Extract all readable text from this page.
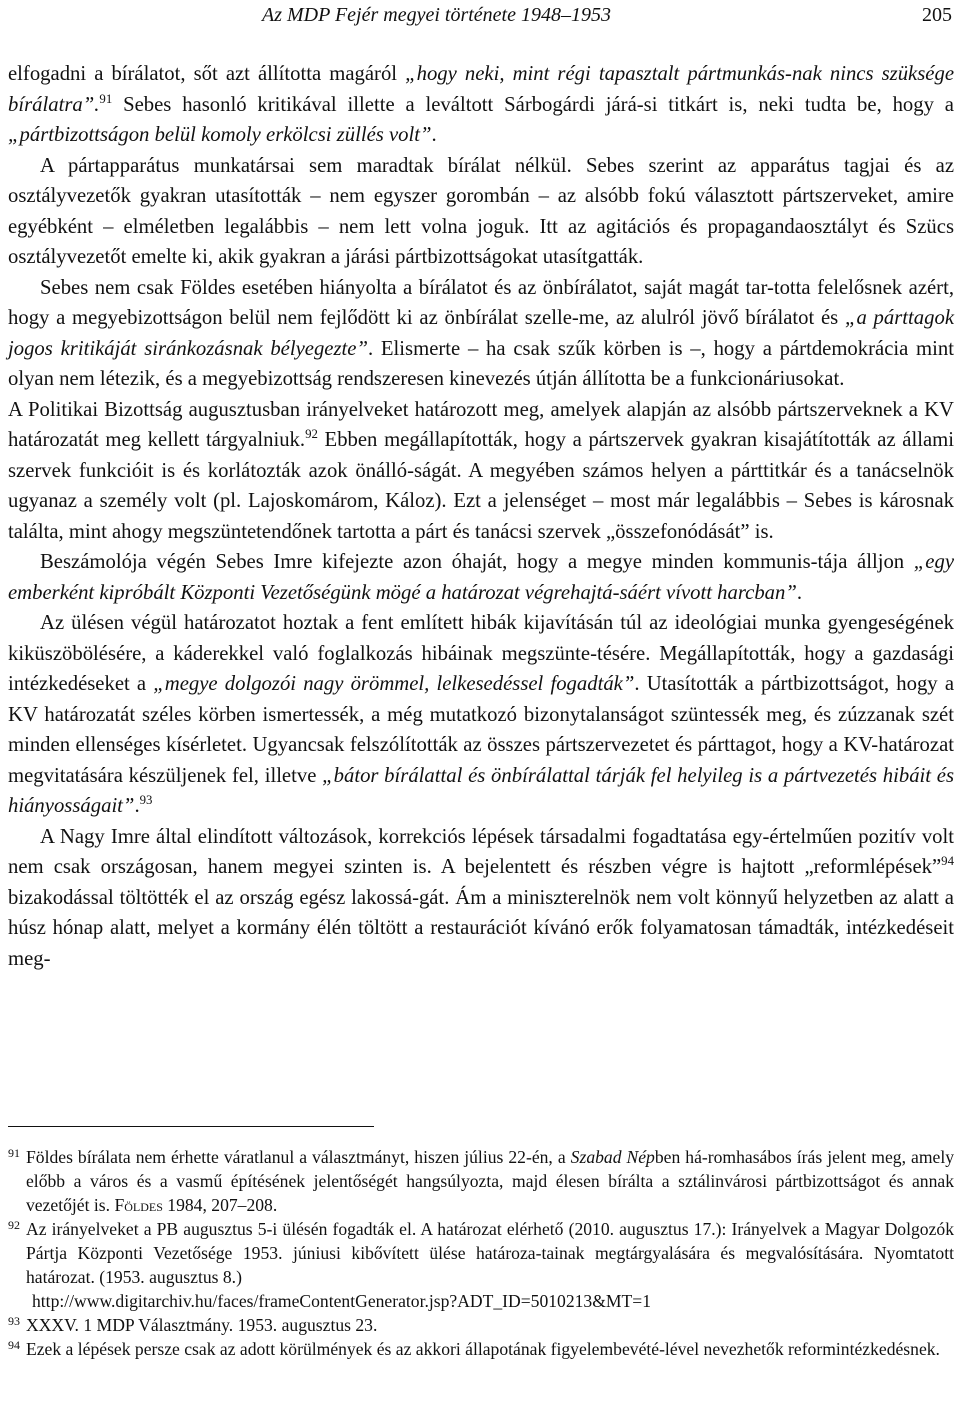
Az MDP Fejér megyei története 1948–1953	205

elfogadni a bírálatot, sőt azt állította magáról „hogy neki, mint régi tapasztalt pártmunkás-nak nincs szüksége bírálatra”.$^{91}$ Sebes hasonló kritikával illette a leváltott Sárbogárdi járá-si titkárt is, neki tudta be, hogy a „pártbizottságon belül komoly erkölcsi züllés volt”.

A pártapparátus munkatársai sem maradtak bírálat nélkül. Sebes szerint az apparátus tagjai és az osztályvezetők gyakran utasították – nem egyszer gorombán – az alsóbb fokú választott pártszerveket, amire egyébként – elméletben legalábbis – nem lett volna joguk. Itt az agitációs és propagandaosztályt és Szücs osztályvezetőt emelte ki, akik gyakran a járási pártbizottságokat utasítgatták.

Sebes nem csak Földes esetében hiányolta a bírálatot és az önbírálatot, saját magát tar-totta felelősnek azért, hogy a megyebizottságon belül nem fejlődött ki az önbírálat szelle-me, az alulról jövő bírálatot és „a párttagok jogos kritikáját siránkozásnak bélyegezte”. Elismerte – ha csak szűk körben is –, hogy a pártdemokrácia mint olyan nem létezik, és a megyebizottság rendszeresen kinevezés útján állította be a funkcionáriusokat.

A Politikai Bizottság augusztusban irányelveket határozott meg, amelyek alapján az alsóbb pártszerveknek a KV határozatát meg kellett tárgyalniuk.$^{92}$ Ebben megállapították, hogy a pártszervek gyakran kisajátították az állami szervek funkcióit is és korlátozták azok önálló-ságát. A megyében számos helyen a párttitkár és a tanácselnök ugyanaz a személy volt (pl. Lajoskomárom, Káloz). Ezt a jelenséget – most már legalábbis – Sebes is károsnak találta, mint ahogy megszüntetendőnek tartotta a párt és tanácsi szervek „összefonódását” is.

Beszámolója végén Sebes Imre kifejezte azon óhaját, hogy a megye minden kommunis-tája álljon „egy emberként kipróbált Központi Vezetőségünk mögé a határozat végrehajtá-sáért vívott harcban”.

Az ülésen végül határozatot hoztak a fent említett hibák kijavításán túl az ideológiai munka gyengeségének kiküszöbölésére, a káderekkel való foglalkozás hibáinak megszünte-tésére. Megállapították, hogy a gazdasági intézkedéseket a „megye dolgozói nagy örömmel, lelkesedéssel fogadták”. Utasították a pártbizottságot, hogy a KV határozatát széles körben ismertessék, a még mutatkozó bizonytalanságot szüntessék meg, és zúzzanak szét minden ellenséges kísérletet. Ugyancsak felszólították az összes pártszervezetet és párttagot, hogy a KV-határozat megvitatására készüljenek fel, illetve „bátor bírálattal és önbírálattal tárják fel helyileg is a pártvezetés hibáit és hiányosságait”.$^{93}$

A Nagy Imre által elindított változások, korrekciós lépések társadalmi fogadtatása egy-értelműen pozitív volt nem csak országosan, hanem megyei szinten is. A bejelentett és részben végre is hajtott „reformlépések”$^{94}$ bizakodással töltötték el az ország egész lakossá-gát. Ám a miniszterelnök nem volt könnyű helyzetben az alatt a húsz hónap alatt, melyet a kormány élén töltött a restaurációt kívánó erők folyamatosan támadták, intézkedéseit meg-

91 Földes bírálata nem érhette váratlanul a választmányt, hiszen július 22-én, a Szabad Népben há-romhasábos írás jelent meg, amely előbb a város és a vasmű építésének jelentőségét hangsúlyozta, majd élesen bírálta a sztálinvárosi pártbizottságot és annak vezetőjét is. Földes 1984, 207–208.

92 Az irányelveket a PB augusztus 5-i ülésén fogadták el. A határozat elérhető (2010. augusztus 17.): Irányelvek a Magyar Dolgozók Pártja Központi Vezetősége 1953. júniusi kibővített ülése határoza-tainak megtárgyalására és megvalósítására. Nyomtatott határozat. (1953. augusztus 8.)
http://www.digitarchiv.hu/faces/frameContentGenerator.jsp?ADT_ID=5010213&MT=1

93 XXXV. 1 MDP Választmány. 1953. augusztus 23.

94 Ezek a lépések persze csak az adott körülmények és az akkori állapotának figyelembevété-lével nevezhetők reformintézkedésnek.
